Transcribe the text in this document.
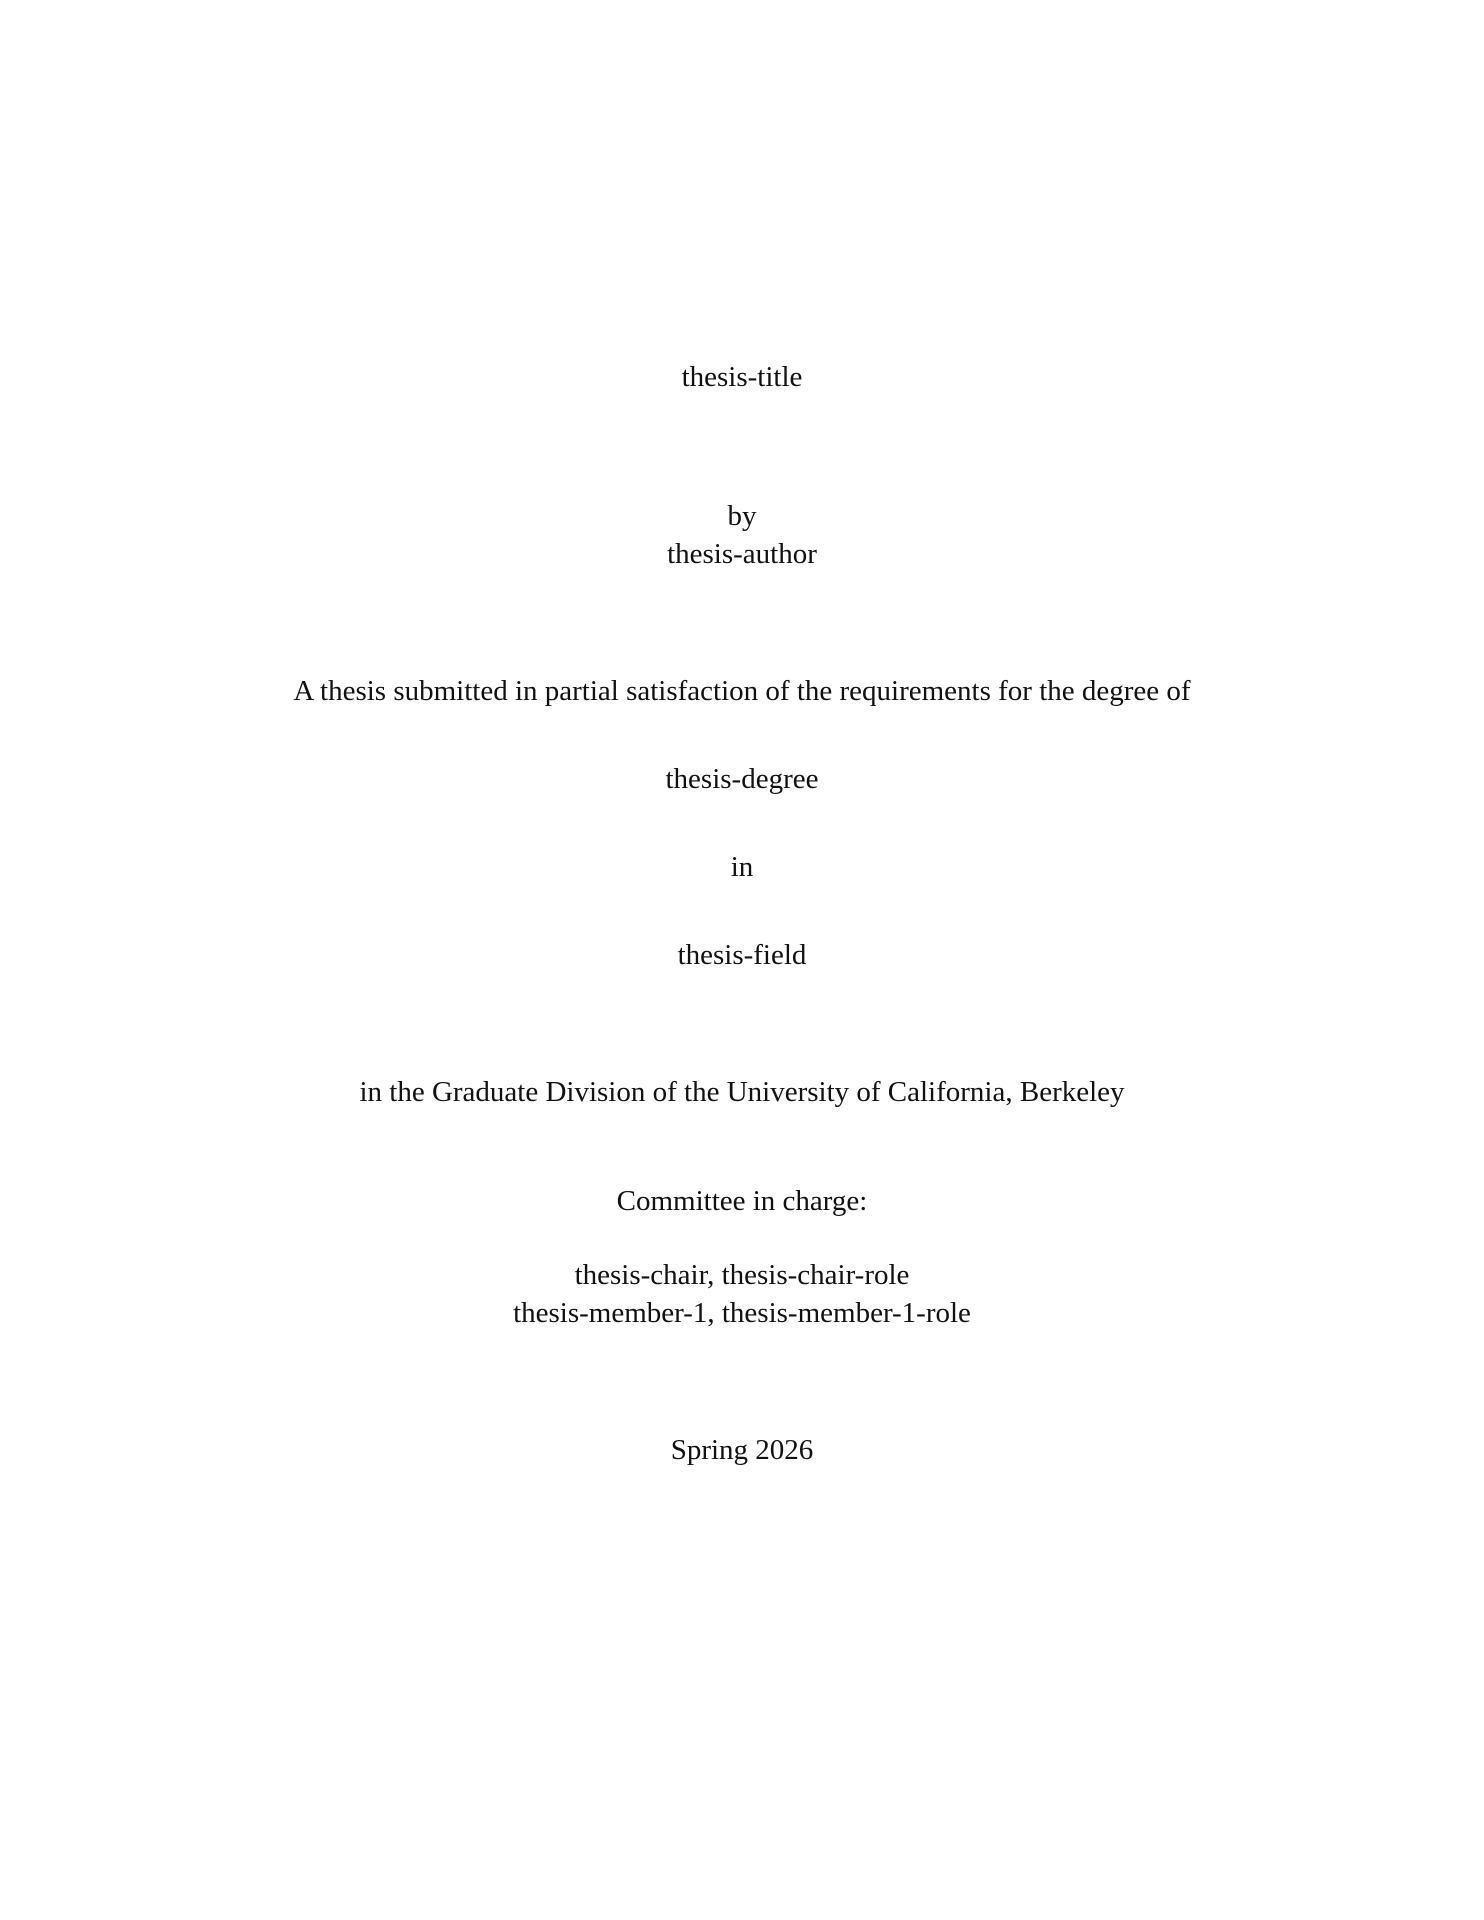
thesis-title
by
thesis-author
A thesis submitted in partial satisfaction of the requirements for the degree of
thesis-degree
in
thesis-field
in the Graduate Division of the University of California, Berkeley
Committee in charge:
thesis-chair, thesis-chair-role
thesis-member-1, thesis-member-1-role
Spring 2026
